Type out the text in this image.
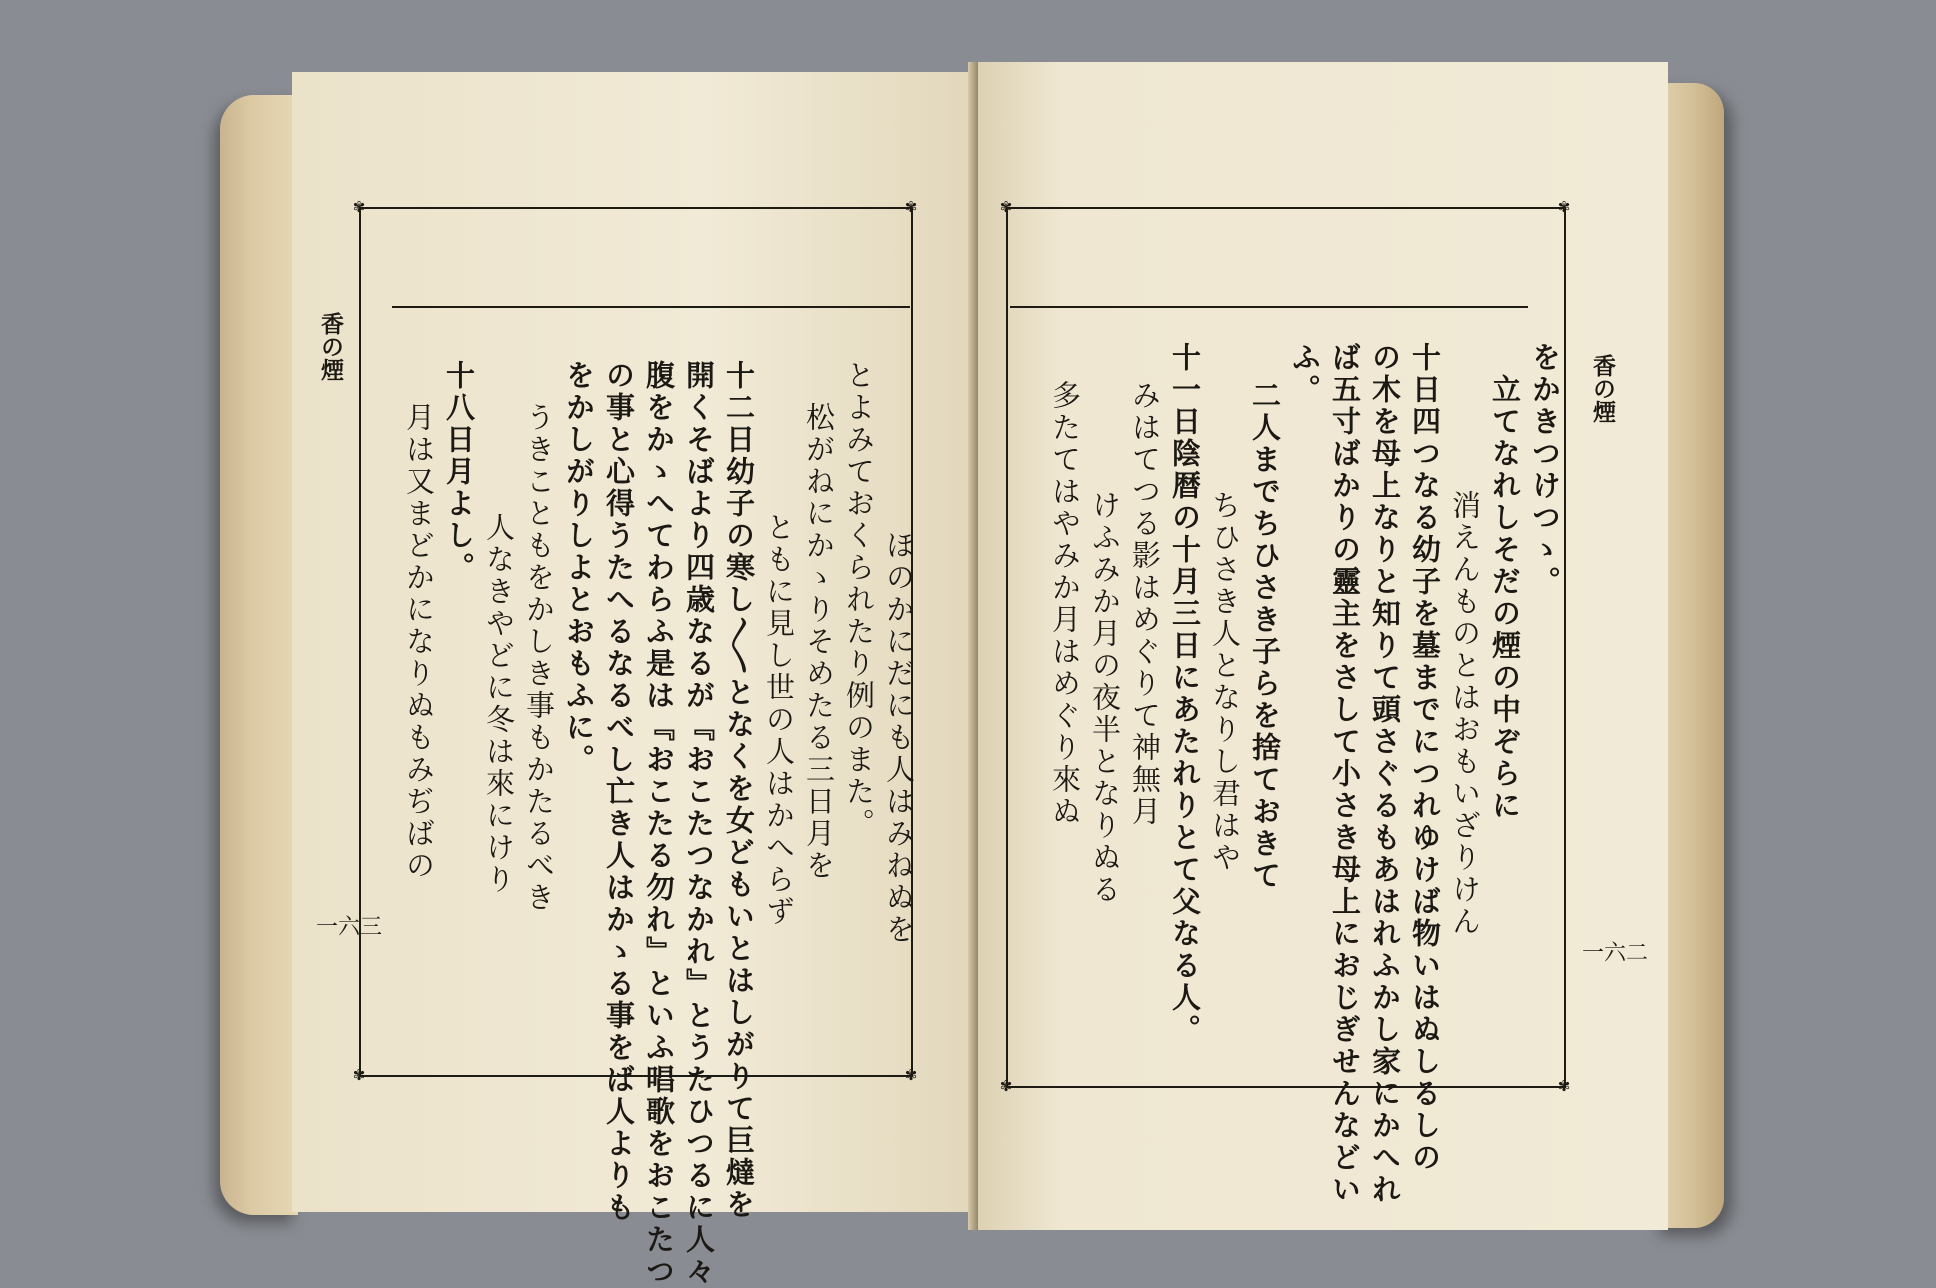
✾	✾
✾	✾
香の煙
一六三	ほのかにだにも人はみねぬを
とよみておくられたり例のまた。
松がねにかゝりそめたる三日月を
ともに見し世の人はかへらず
十二日幼子の寒し〳〵となくを女どもいとはしがりて巨燵を
開くそばより四歳なるが『おこたつなかれ』とうたひつるに人々
腹をかゝへてわらふ是は『おこたる勿れ』といふ唱歌をおこたつ
の事と心得うたへるなるべし亡き人はかゝる事をば人よりも
をかしがりしよとおもふに。
うきこともをかしき事もかたるべき
人なきやどに冬は來にけり
十八日月よし。
月は又まどかになりぬもみぢばの
✾	✾
✾	✾
香の煙
一六二
をかきつけつゝ。
立てなれしそだの煙の中ぞらに
消えんものとはおもいざりけん
十日四つなる幼子を墓までにつれゆけば物いはぬしるしの
の木を母上なりと知りて頭さぐるもあはれふかし家にかへれ
ば五寸ばかりの靈主をさして小さき母上におじぎせんなどい
ふ。
二人までちひさき子らを捨ておきて
ちひさき人となりし君はや
十一日陰暦の十月三日にあたれりとて父なる人。
みはてつる影はめぐりて神無月
けふみか月の夜半となりぬる
多たてはやみか月はめぐり來ぬ
